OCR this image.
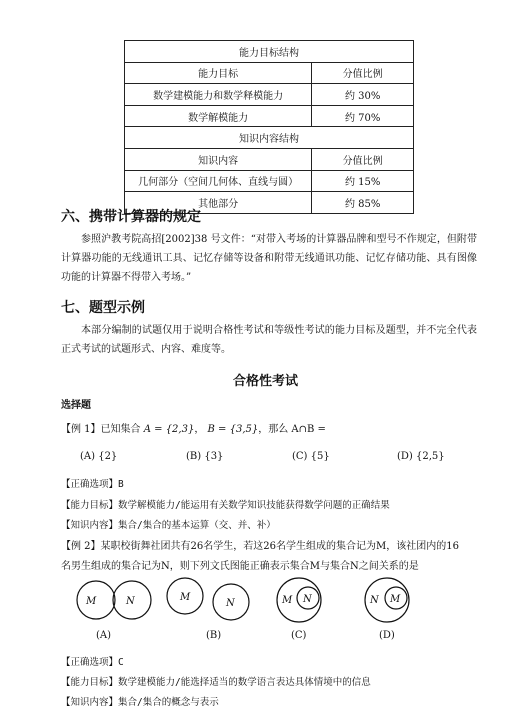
能力目标结构	
能力目标	分值比例
数学建模能力和数学释模能力	约 30%
数学解模能力	约 70%
知识内容结构	
知识内容	分值比例
几何部分（空间几何体、直线与圆）	约 15%
其他部分	约 85%
六、携带计算器的规定
参照沪教考院高招[2002]38 号文件：“对带入考场的计算器品牌和型号不作规定，但附带计算器功能的无线通讯工具、记忆存储等设备和附带无线通讯功能、记忆存储功能、具有图像功能的计算器不得带入考场。”
七、题型示例
本部分编制的试题仅用于说明合格性考试和等级性考试的能力目标及题型，并不完全代表正式考试的试题形式、内容、难度等。
合格性考试
选择题
【例 1】已知集合 A = {2,3}， B = {3,5}，那么 A∩B =
(A) {2}	(B) {3}	(C) {5}	(D) {2,5}
【正确选项】B
【能力目标】数学解模能力/能运用有关数学知识技能获得数学问题的正确结果
【知识内容】集合/集合的基本运算（交、并、补）
【例 2】某职校街舞社团共有26名学生，若这26名学生组成的集合记为M，该社团内的16
名男生组成的集合记为N，则下列文氏图能正确表示集合M与集合N之间关系的是
M	N	M
N	M N	N M
(A)	(B)	(C)	(D)
【正确选项】C
【能力目标】数学建模能力/能选择适当的数学语言表达具体情境中的信息
【知识内容】集合/集合的概念与表示
